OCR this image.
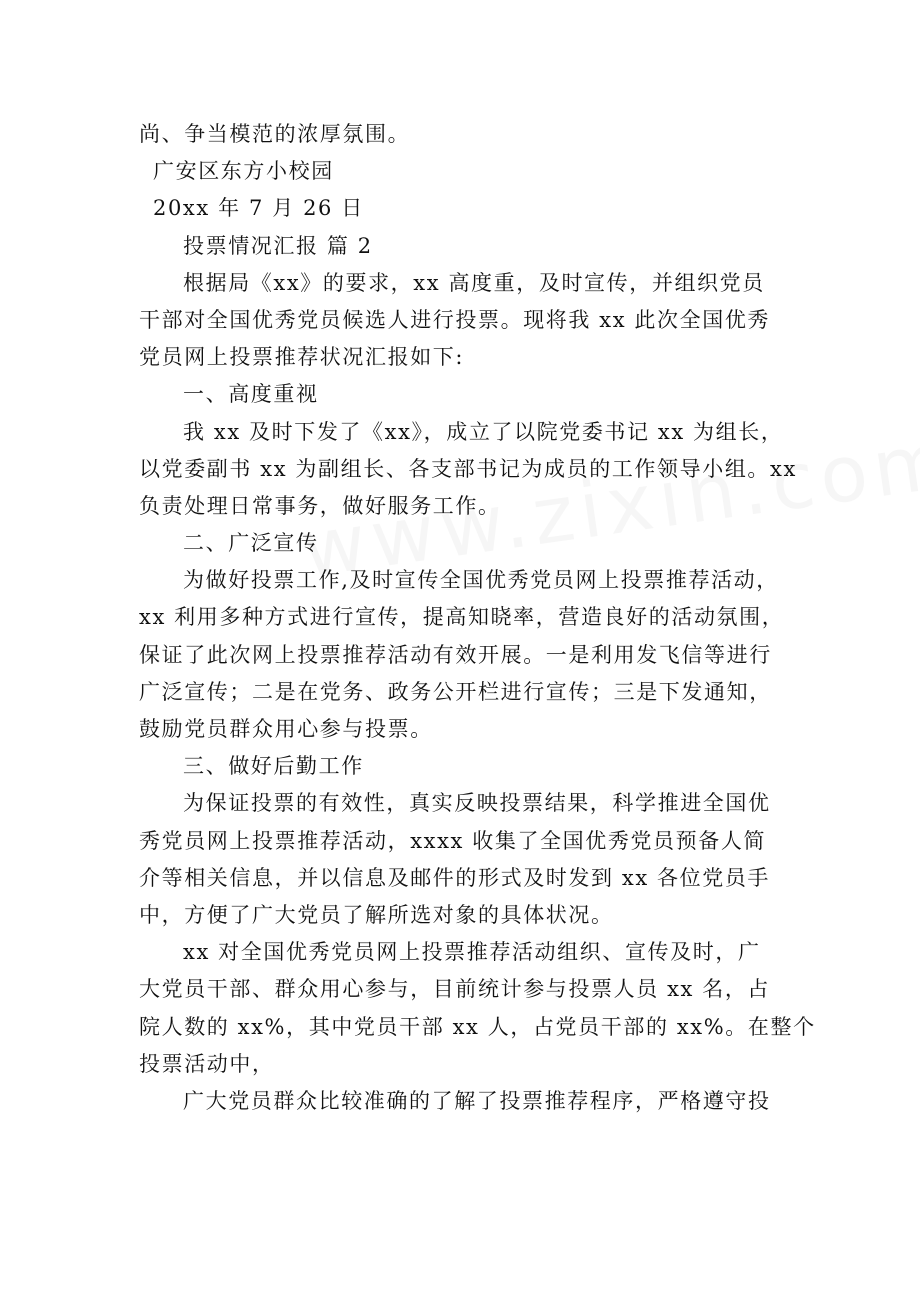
尚、争当模范的浓厚氛围。
广安区东方小校园
20xx 年 7 月 26 日
投票情况汇报 篇 2
根据局《xx》的要求，xx 高度重，及时宣传，并组织党员
干部对全国优秀党员候选人进行投票。现将我 xx 此次全国优秀
党员网上投票推荐状况汇报如下:
一、高度重视
我 xx 及时下发了《xx》，成立了以院党委书记 xx 为组长，
以党委副书 xx 为副组长、各支部书记为成员的工作领导小组。xx
负责处理日常事务，做好服务工作。
二、广泛宣传
为做好投票工作,及时宣传全国优秀党员网上投票推荐活动，
xx 利用多种方式进行宣传，提高知晓率，营造良好的活动氛围，
保证了此次网上投票推荐活动有效开展。一是利用发飞信等进行
广泛宣传；二是在党务、政务公开栏进行宣传；三是下发通知，
鼓励党员群众用心参与投票。
三、做好后勤工作
为保证投票的有效性，真实反映投票结果，科学推进全国优
秀党员网上投票推荐活动，xxxx 收集了全国优秀党员预备人简
介等相关信息，并以信息及邮件的形式及时发到 xx 各位党员手
中，方便了广大党员了解所选对象的具体状况。
xx 对全国优秀党员网上投票推荐活动组织、宣传及时，广
大党员干部、群众用心参与，目前统计参与投票人员 xx 名，占
院人数的 xx%，其中党员干部 xx 人，占党员干部的 xx%。在整个
投票活动中，
广大党员群众比较准确的了解了投票推荐程序，严格遵守投
